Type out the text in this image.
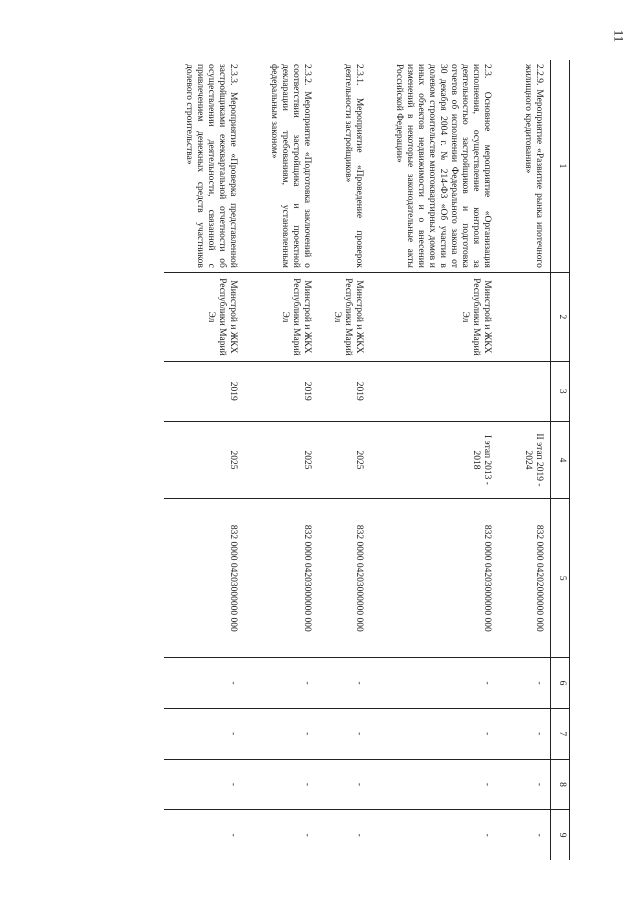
11
1	2	3	4	5	6	7	8	9
2.2.9. Мероприятие «Развитие рынка ипотечного жилищного кредитования»			II этап 2019 - 2024	832 0000 04202000000 000	-	-	-	-
2.3. Основное мероприятие «Организация исполнения, осуществление контроля за деятельностью застройщиков и подготовка отчетов об исполнении Федерального закона от 30 декабря 2004 г. № 214-ФЗ «Об участии в долевом строительстве многоквартирных домов и иных объектов недвижимости и о внесении изменений в некоторые законодательные акты Российской Федерации»	Минстрой и ЖКХ Республики Марий Эл		I этап 2013 - 2018	832 0000 04203000000 000	-	-	-	-
2.3.1. Мероприятие «Проведение проверок деятельности застройщиков»	Минстрой и ЖКХ Республики Марий Эл	2019	2025	832 0000 04203000000 000	-	-	-	-
2.3.2. Мероприятие «Подготовка заключений о соответствии застройщика и проектной декларации требованиям, установленным федеральным законом»	Минстрой и ЖКХ Республики Марий Эл	2019	2025	832 0000 04203000000 000	-	-	-	-
2.3.3. Мероприятие «Проверка представленной застройщиками ежеквартальной отчетности об осуществлении деятельности, связанной с привлечением денежных средств участников долевого строительства»	Минстрой и ЖКХ Республики Марий Эл	2019	2025	832 0000 04203000000 000	-	-	-	-
